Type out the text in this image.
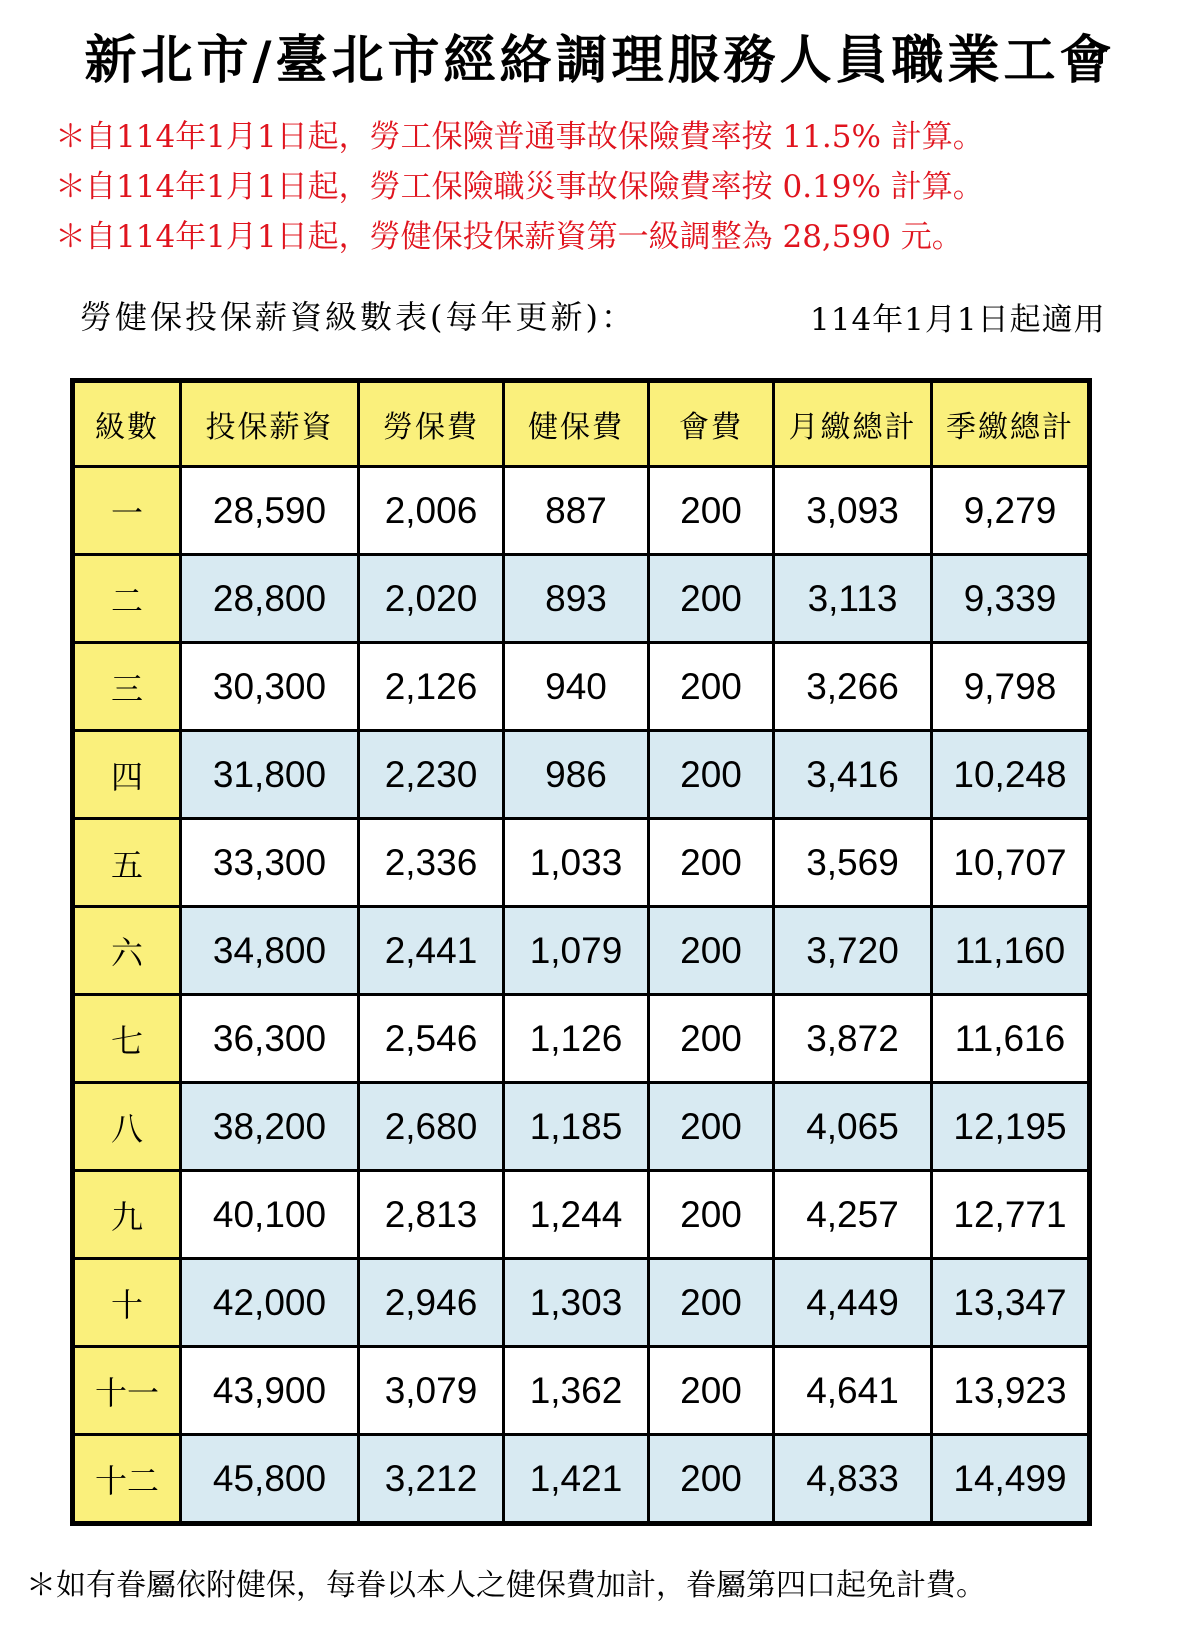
新北市/臺北市經絡調理服務人員職業工會
＊自114年1月1日起，勞工保險普通事故保險費率按 11.5% 計算。
＊自114年1月1日起，勞工保險職災事故保險費率按 0.19% 計算。
＊自114年1月1日起，勞健保投保薪資第一級調整為 28,590 元。
勞健保投保薪資級數表(每年更新)：	114年1月1日起適用
級數	投保薪資	勞保費	健保費	會費	月繳總計	季繳總計
一	28,590	2,006	887	200	3,093	9,279
二	28,800	2,020	893	200	3,113	9,339
三	30,300	2,126	940	200	3,266	9,798
四	31,800	2,230	986	200	3,416	10,248
五	33,300	2,336	1,033	200	3,569	10,707
六	34,800	2,441	1,079	200	3,720	11,160
七	36,300	2,546	1,126	200	3,872	11,616
八	38,200	2,680	1,185	200	4,065	12,195
九	40,100	2,813	1,244	200	4,257	12,771
十	42,000	2,946	1,303	200	4,449	13,347
十一	43,900	3,079	1,362	200	4,641	13,923
十二	45,800	3,212	1,421	200	4,833	14,499
＊如有眷屬依附健保，每眷以本人之健保費加計，眷屬第四口起免計費。
